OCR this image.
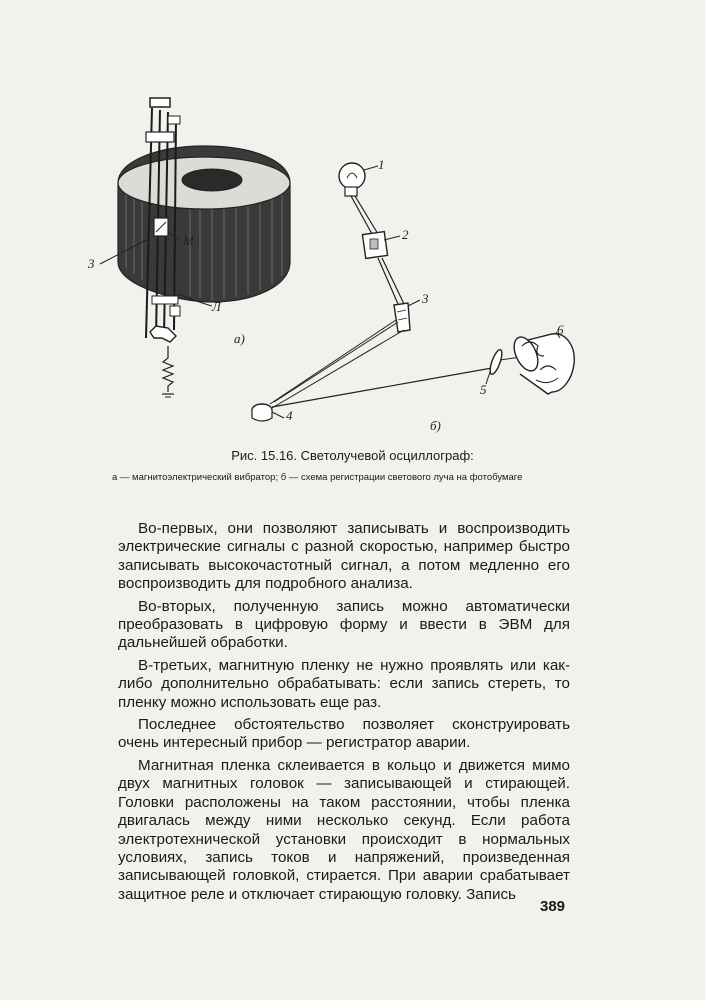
а)
б)
М
3
Л
1
2
3
4
5
6
Рис. 15.16. Светолучевой осциллограф:
а — магнитоэлектрический вибратор; б — схема регистрации светового луча на фотобумаге

Во-первых, они позволяют записывать и воспроизводить электрические сигналы с разной скоростью, например быстро записывать высокочастотный сигнал, а потом медленно его воспроизводить для подробного анализа.

Во-вторых, полученную запись можно автоматически преобразовать в цифровую форму и ввести в ЭВМ для дальнейшей обработки.

В-третьих, магнитную пленку не нужно проявлять или как-либо дополнительно обрабатывать: если запись стереть, то пленку можно использовать еще раз.

Последнее обстоятельство позволяет сконструировать очень интересный прибор — регистратор аварии.

Магнитная пленка склеивается в кольцо и движется мимо двух магнитных головок — записывающей и стирающей. Головки расположены на таком расстоянии, чтобы пленка двигалась между ними несколько секунд. Если работа электротехнической установки происходит в нормальных условиях, запись токов и напряжений, произведенная записывающей головкой, стирается. При аварии срабатывает защитное реле и отключает стирающую головку. Запись

389
